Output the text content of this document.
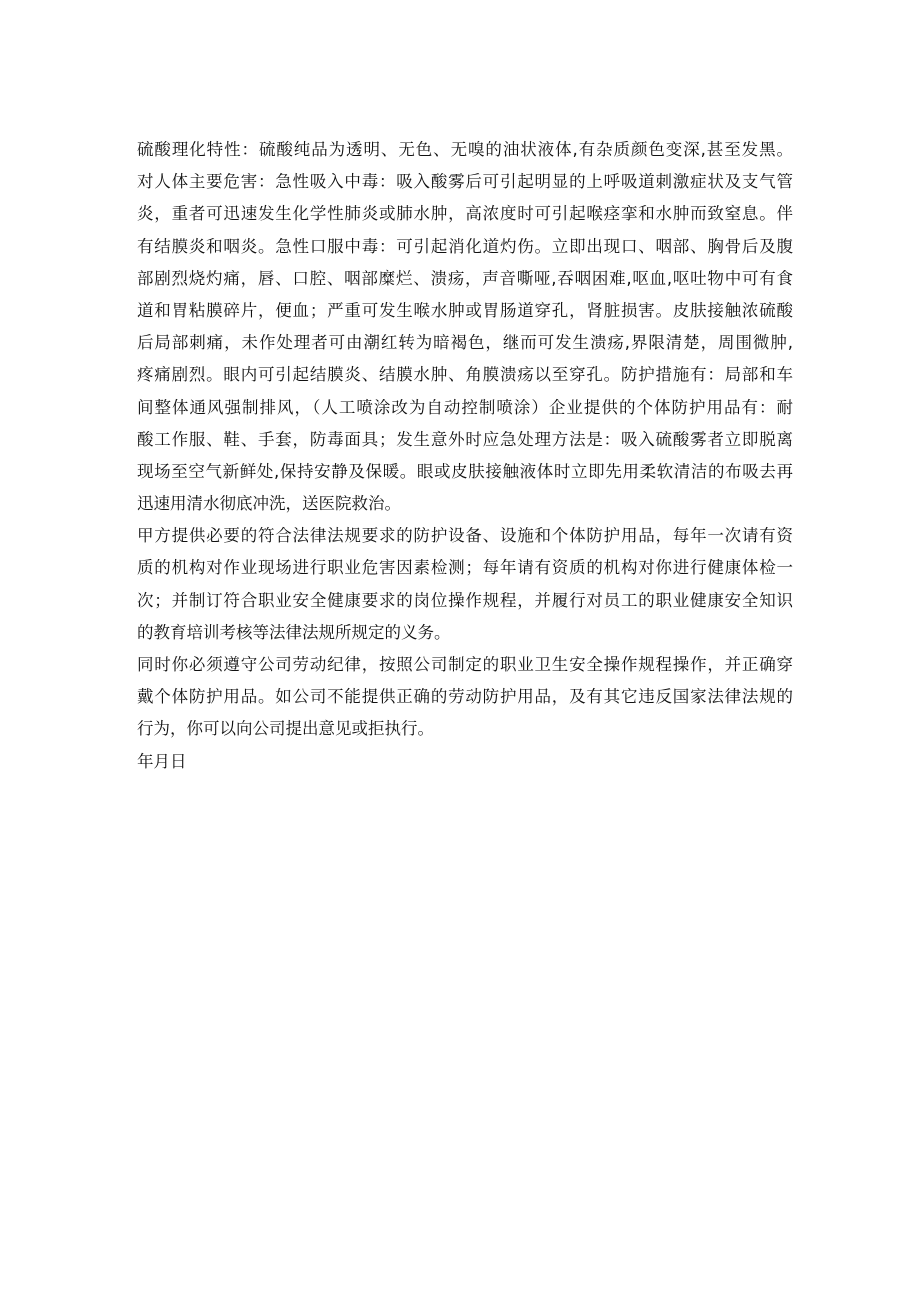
硫酸理化特性：硫酸纯品为透明、无色、无嗅的油状液体,有杂质颜色变深,甚至发黑。
对人体主要危害：急性吸入中毒：吸入酸雾后可引起明显的上呼吸道刺激症状及支气管
炎，重者可迅速发生化学性肺炎或肺水肿，高浓度时可引起喉痉挛和水肿而致窒息。伴
有结膜炎和咽炎。急性口服中毒：可引起消化道灼伤。立即出现口、咽部、胸骨后及腹
部剧烈烧灼痛，唇、口腔、咽部糜烂、溃疡，声音嘶哑,吞咽困难,呕血,呕吐物中可有食
道和胃粘膜碎片，便血；严重可发生喉水肿或胃肠道穿孔，肾脏损害。皮肤接触浓硫酸
后局部刺痛，未作处理者可由潮红转为暗褐色，继而可发生溃疡,界限清楚，周围微肿,
疼痛剧烈。眼内可引起结膜炎、结膜水肿、角膜溃疡以至穿孔。防护措施有：局部和车
间整体通风强制排风，（人工喷涂改为自动控制喷涂）企业提供的个体防护用品有：耐
酸工作服、鞋、手套，防毒面具；发生意外时应急处理方法是：吸入硫酸雾者立即脱离
现场至空气新鲜处,保持安静及保暖。眼或皮肤接触液体时立即先用柔软清洁的布吸去再
迅速用清水彻底冲洗，送医院救治。
甲方提供必要的符合法律法规要求的防护设备、设施和个体防护用品，每年一次请有资
质的机构对作业现场进行职业危害因素检测；每年请有资质的机构对你进行健康体检一
次；并制订符合职业安全健康要求的岗位操作规程，并履行对员工的职业健康安全知识
的教育培训考核等法律法规所规定的义务。
同时你必须遵守公司劳动纪律，按照公司制定的职业卫生安全操作规程操作，并正确穿
戴个体防护用品。如公司不能提供正确的劳动防护用品，及有其它违反国家法律法规的
行为，你可以向公司提出意见或拒执行。
年月日
